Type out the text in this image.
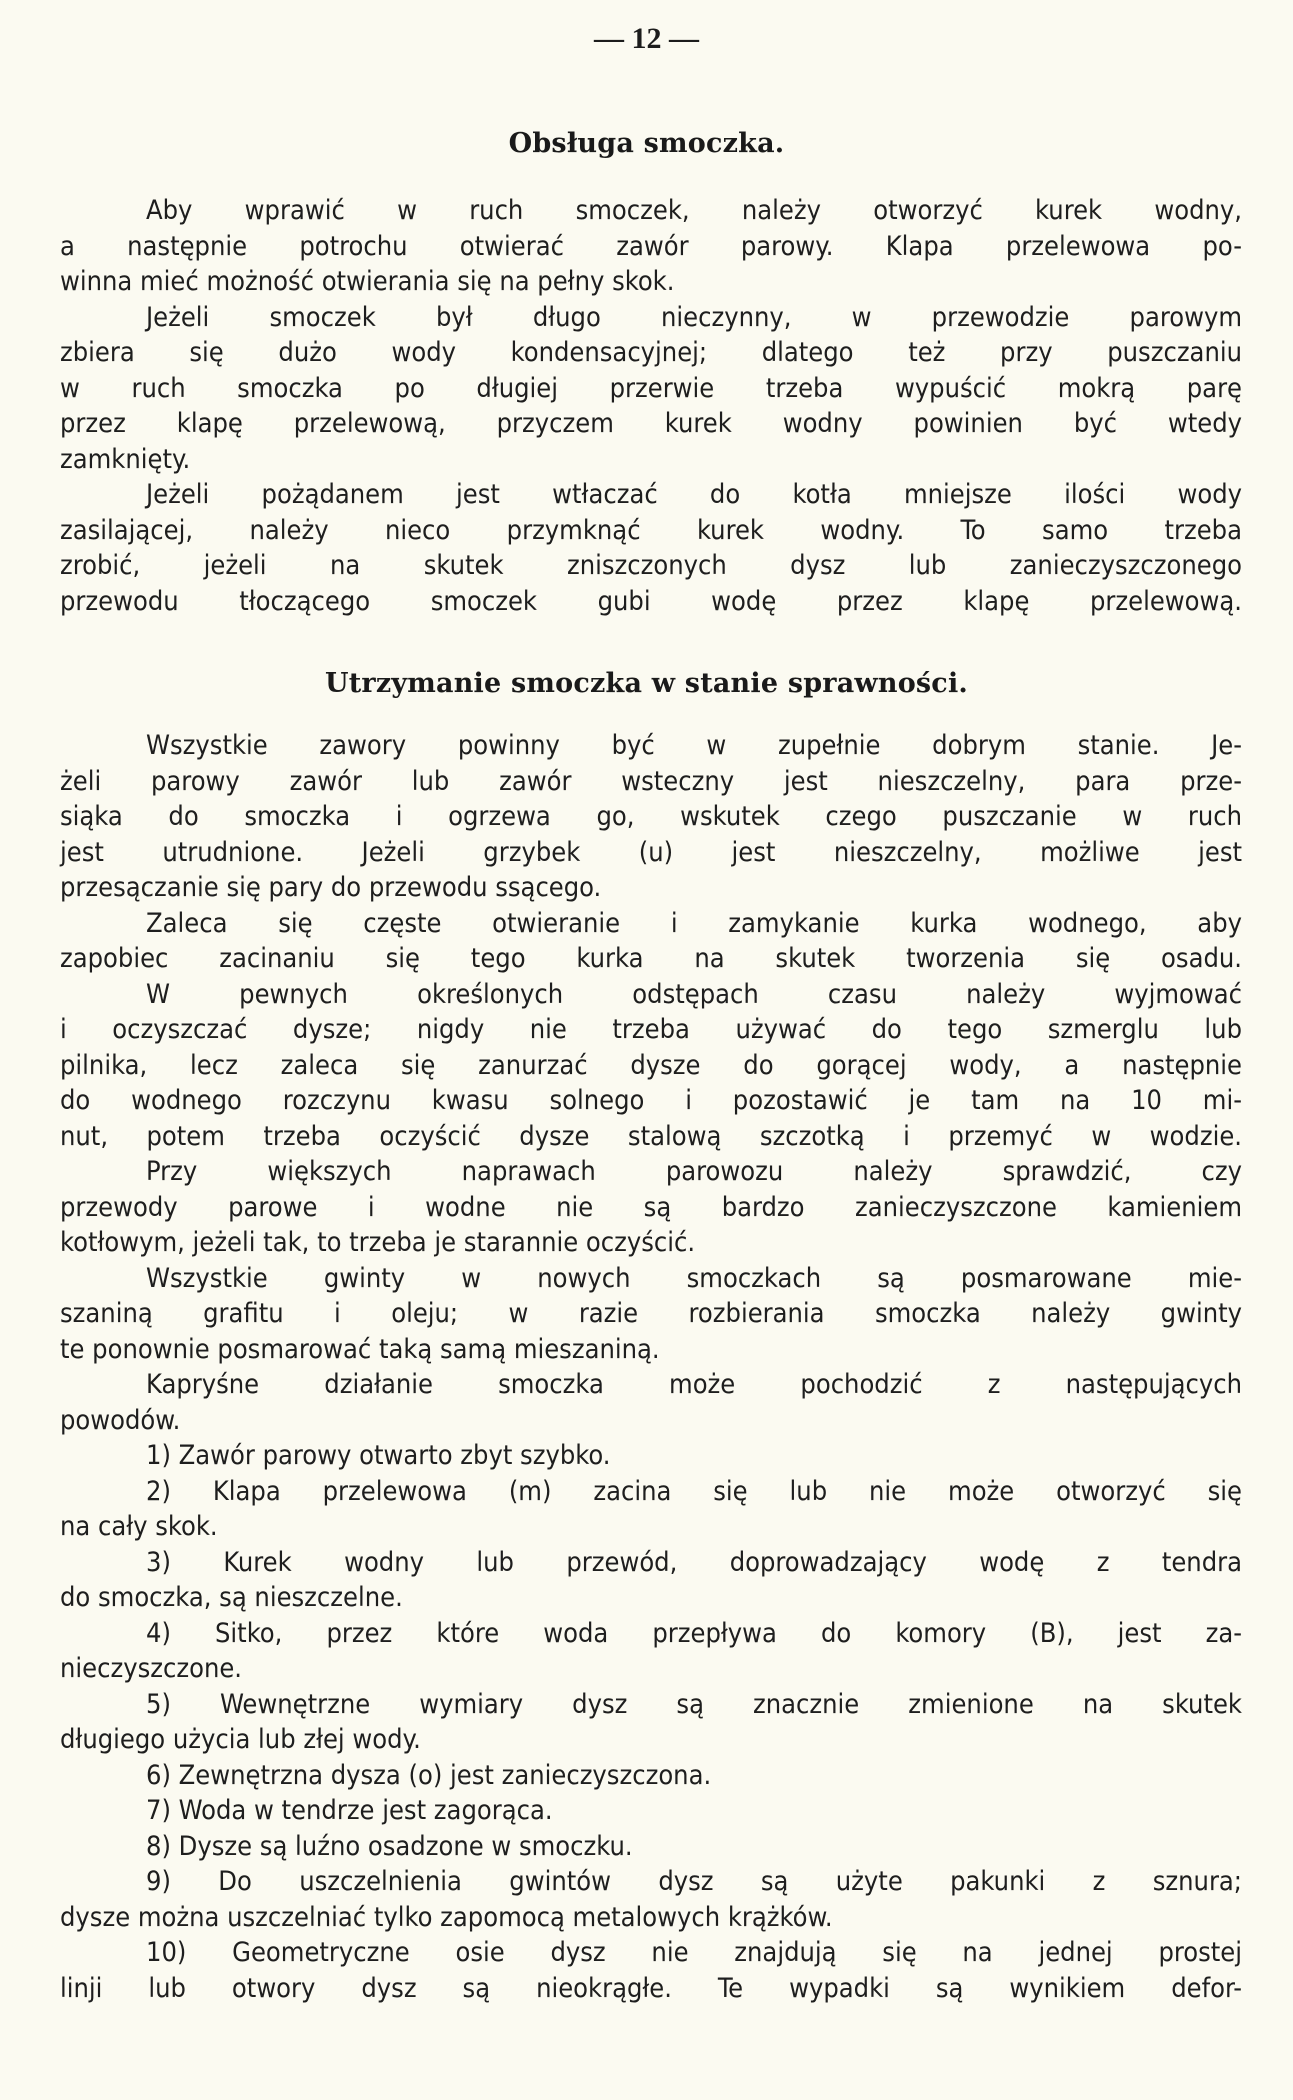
— 12 —
Obsługa smoczka.
Aby wprawić w ruch smoczek, należy otworzyć kurek wodny,
a następnie potrochu otwierać zawór parowy. Klapa przelewowa po-
winna mieć możność otwierania się na pełny skok.
Jeżeli smoczek był długo nieczynny, w przewodzie parowym
zbiera się dużo wody kondensacyjnej; dlatego też przy puszczaniu
w ruch smoczka po długiej przerwie trzeba wypuścić mokrą parę
przez klapę przelewową, przyczem kurek wodny powinien być wtedy
zamknięty.
Jeżeli pożądanem jest wtłaczać do kotła mniejsze ilości wody
zasilającej, należy nieco przymknąć kurek wodny. To samo trzeba
zrobić, jeżeli na skutek zniszczonych dysz lub zanieczyszczonego
przewodu tłoczącego smoczek gubi wodę przez klapę przelewową.
Utrzymanie smoczka w stanie sprawności.
Wszystkie zawory powinny być w zupełnie dobrym stanie. Je-
żeli parowy zawór lub zawór wsteczny jest nieszczelny, para prze-
siąka do smoczka i ogrzewa go, wskutek czego puszczanie w ruch
jest utrudnione. Jeżeli grzybek (u) jest nieszczelny, możliwe jest
przesączanie się pary do przewodu ssącego.
Zaleca się częste otwieranie i zamykanie kurka wodnego, aby
zapobiec zacinaniu się tego kurka na skutek tworzenia się osadu.
W pewnych określonych odstępach czasu należy wyjmować
i oczyszczać dysze; nigdy nie trzeba używać do tego szmerglu lub
pilnika, lecz zaleca się zanurzać dysze do gorącej wody, a następnie
do wodnego rozczynu kwasu solnego i pozostawić je tam na 10 mi-
nut, potem trzeba oczyścić dysze stalową szczotką i przemyć w wodzie.
Przy większych naprawach parowozu należy sprawdzić, czy
przewody parowe i wodne nie są bardzo zanieczyszczone kamieniem
kotłowym, jeżeli tak, to trzeba je starannie oczyścić.
Wszystkie gwinty w nowych smoczkach są posmarowane mie-
szaniną grafitu i oleju; w razie rozbierania smoczka należy gwinty
te ponownie posmarować taką samą mieszaniną.
Kapryśne działanie smoczka może pochodzić z następujących
powodów.
1) Zawór parowy otwarto zbyt szybko.
2) Klapa przelewowa (m) zacina się lub nie może otworzyć się
na cały skok.
3) Kurek wodny lub przewód, doprowadzający wodę z tendra
do smoczka, są nieszczelne.
4) Sitko, przez które woda przepływa do komory (B), jest za-
nieczyszczone.
5) Wewnętrzne wymiary dysz są znacznie zmienione na skutek
długiego użycia lub złej wody.
6) Zewnętrzna dysza (o) jest zanieczyszczona.
7) Woda w tendrze jest zagorąca.
8) Dysze są luźno osadzone w smoczku.
9) Do uszczelnienia gwintów dysz są użyte pakunki z sznura;
dysze można uszczelniać tylko zapomocą metalowych krążków.
10) Geometryczne osie dysz nie znajdują się na jednej prostej
linji lub otwory dysz są nieokrągłe. Te wypadki są wynikiem defor-
